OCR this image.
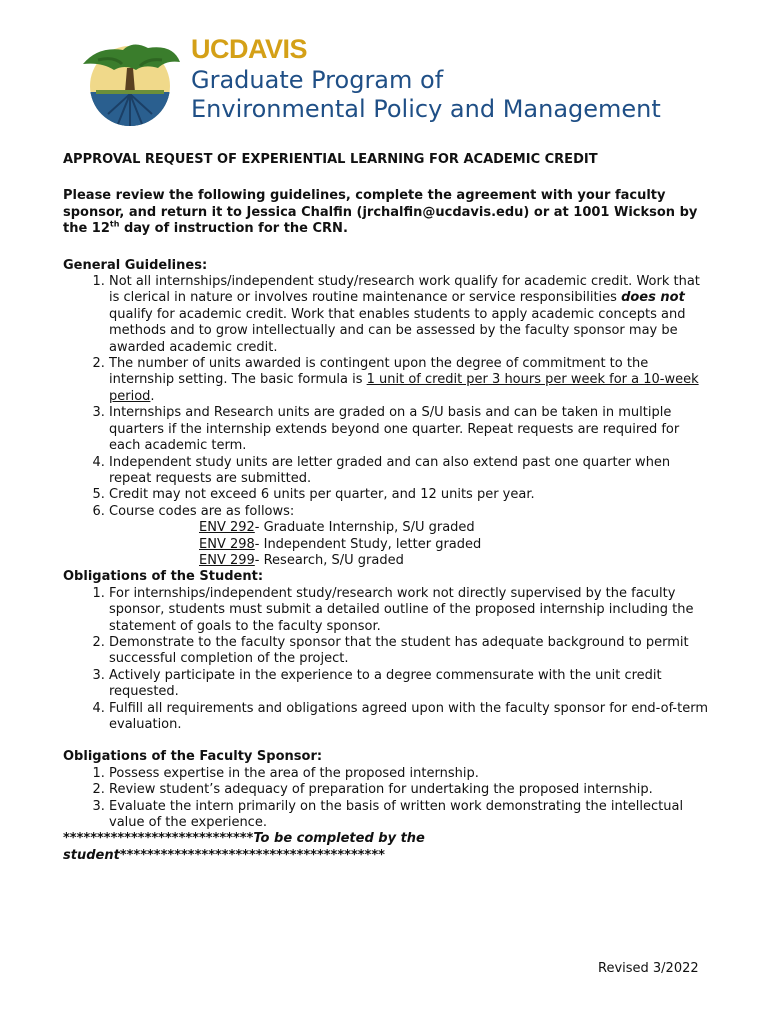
UCDAVIS
Graduate Program of
Environmental Policy and Management
APPROVAL REQUEST OF EXPERIENTIAL LEARNING FOR ACADEMIC CREDIT
Please review the following guidelines, complete the agreement with your faculty sponsor, and return it to Jessica Chalfin (jrchalfin@ucdavis.edu) or at 1001 Wickson by the 12th day of instruction for the CRN.
General Guidelines:
1. Not all internships/independent study/research work qualify for academic credit. Work that is clerical in nature or involves routine maintenance or service responsibilities does not qualify for academic credit. Work that enables students to apply academic concepts and methods and to grow intellectually and can be assessed by the faculty sponsor may be awarded academic credit.
2. The number of units awarded is contingent upon the degree of commitment to the internship setting. The basic formula is 1 unit of credit per 3 hours per week for a 10-week period.
3. Internships and Research units are graded on a S/U basis and can be taken in multiple quarters if the internship extends beyond one quarter. Repeat requests are required for each academic term.
4. Independent study units are letter graded and can also extend past one quarter when repeat requests are submitted.
5. Credit may not exceed 6 units per quarter, and 12 units per year.
6. Course codes are as follows:
ENV 292- Graduate Internship, S/U graded
ENV 298- Independent Study, letter graded
ENV 299- Research, S/U graded
Obligations of the Student:
1. For internships/independent study/research work not directly supervised by the faculty sponsor, students must submit a detailed outline of the proposed internship including the statement of goals to the faculty sponsor.
2. Demonstrate to the faculty sponsor that the student has adequate background to permit successful completion of the project.
3. Actively participate in the experience to a degree commensurate with the unit credit requested.
4. Fulfill all requirements and obligations agreed upon with the faculty sponsor for end-of-term evaluation.
Obligations of the Faculty Sponsor:
1. Possess expertise in the area of the proposed internship.
2. Review student’s adequacy of preparation for undertaking the proposed internship.
3. Evaluate the intern primarily on the basis of written work demonstrating the intellectual value of the experience.
****************************To be completed by the student***************************************
Revised 3/2022
